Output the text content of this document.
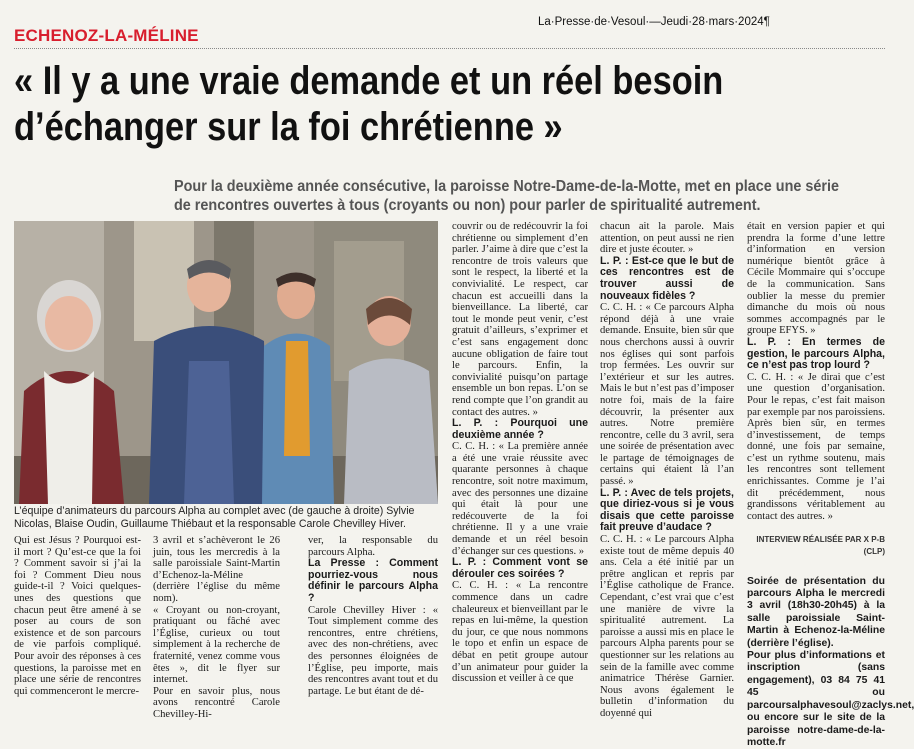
ECHENOZ-LA-MÉLINE
La·Presse·de·Vesoul·—Jeudi·28·mars·2024¶
« Il y a une vraie demande et un réel besoin
d’échanger sur la foi chrétienne »
Pour la deuxième année consécutive, la paroisse Notre-Dame-de-la-Motte, met en place une série de rencontres ouvertes à tous (croyants ou non) pour parler de spiritualité autrement.
L’équipe d’animateurs du parcours Alpha au complet avec (de gauche à droite) Sylvie Nicolas, Blaise Oudin, Guillaume Thiébaut et la responsable Carole Chevilley Hiver.

Qui est Jésus ? Pourquoi est-il mort ? Qu’est-ce que la foi ? Comment savoir si j’ai la foi ? Comment Dieu nous guide-t-il ? Voici quelques-unes des questions que chacun peut être amené à se poser au cours de son existence et de son parcours de vie parfois compliqué. Pour avoir des réponses à ces questions, la paroisse met en place une série de rencontres qui commenceront le mercre-

3 avril et s’achèveront le 26 juin, tous les mercredis à la salle paroissiale Saint-Martin d’Echenoz-la-Méline (derrière l’église du même nom).

« Croyant ou non-croyant, pratiquant ou fâché avec l’Église, curieux ou tout simplement à la recherche de fraternité, venez comme vous êtes », dit le flyer sur internet.

Pour en savoir plus, nous avons rencontré Carole Chevilley-Hi-

ver, la responsable du parcours Alpha.

La Presse : Comment pourriez-vous nous définir le parcours Alpha ?

Carole Chevilley Hiver : « Tout simplement comme des rencontres, entre chrétiens, avec des non-chrétiens, avec des personnes éloignées de l’Église, peu importe, mais des rencontres avant tout et du partage. Le but étant de dé-

couvrir ou de redécouvrir la foi chrétienne ou simplement d’en parler. J’aime à dire que c’est la rencontre de trois valeurs que sont le respect, la liberté et la convivialité. Le respect, car chacun est accueilli dans la bienveillance. La liberté, car tout le monde peut venir, c’est gratuit d’ailleurs, s’exprimer et c’est sans engagement donc aucune obligation de faire tout le parcours. Enfin, la convivialité puisqu’on partage ensemble un bon repas. L’on se rend compte que l’on grandit au contact des autres. »

L. P. : Pourquoi une deuxième année ?

C. C. H. : « La première année a été une vraie réussite avec quarante personnes à chaque rencontre, soit notre maximum, avec des personnes une dizaine qui était là pour une redécouverte de la foi chrétienne. Il y a une vraie demande et un réel besoin d’échanger sur ces questions. »

L. P. : Comment vont se dérouler ces soirées ?

C. C. H. : « La rencontre commence dans un cadre chaleureux et bienveillant par le repas en lui-même, la question du jour, ce que nous nommons le topo et enfin un espace de débat en petit groupe autour d’un animateur pour guider la discussion et veiller à ce que

chacun ait la parole. Mais attention, on peut aussi ne rien dire et juste écouter. »

L. P. : Est-ce que le but de ces rencontres est de trouver aussi de nouveaux fidèles ?

C. C. H. : « Ce parcours Alpha répond déjà à une vraie demande. Ensuite, bien sûr que nous cherchons aussi à ouvrir nos églises qui sont parfois trop fermées. Les ouvrir sur l’extérieur et sur les autres. Mais le but n’est pas d’imposer notre foi, mais de la faire découvrir, la présenter aux autres. Notre première rencontre, celle du 3 avril, sera une soirée de présentation avec le partage de témoignages de certains qui étaient là l’an passé. »

L. P. : Avec de tels projets, que diriez-vous si je vous disais que cette paroisse fait preuve d’audace ?

C. C. H. : « Le parcours Alpha existe tout de même depuis 40 ans. Cela a été initié par un prêtre anglican et repris par l’Église catholique de France. Cependant, c’est vrai que c’est une manière de vivre la spiritualité autrement. La paroisse a aussi mis en place le parcours Alpha parents pour se questionner sur les relations au sein de la famille avec comme animatrice Thérèse Garnier. Nous avons également le bulletin d’information du doyenné qui

était en version papier et qui prendra la forme d’une lettre d’information en version numérique bientôt grâce à Cécile Mommaire qui s’occupe de la communication. Sans oublier la messe du premier dimanche du mois où nous sommes accompagnés par le groupe EFYS. »

L. P. : En termes de gestion, le parcours Alpha, ce n’est pas trop lourd ?

C. C. H. : « Je dirai que c’est une question d’organisation. Pour le repas, c’est fait maison par exemple par nos paroissiens. Après bien sûr, en termes d’investissement, de temps donné, une fois par semaine, c’est un rythme soutenu, mais les rencontres sont tellement enrichissantes. Comme je l’ai dit précédemment, nous grandissons véritablement au contact des autres. »

INTERVIEW RÉALISÉE PAR X P-B (CLP)

Soirée de présentation du parcours Alpha le mercredi 3 avril (18h30-20h45) à la salle paroissiale Saint-Martin à Echenoz-la-Méline (derrière l’église).

Pour plus d’informations et inscription (sans engagement), 03 84 75 41 45 ou parcoursalphavesoul@zaclys.net, ou encore sur le site de la paroisse notre-dame-de-la-motte.fr
